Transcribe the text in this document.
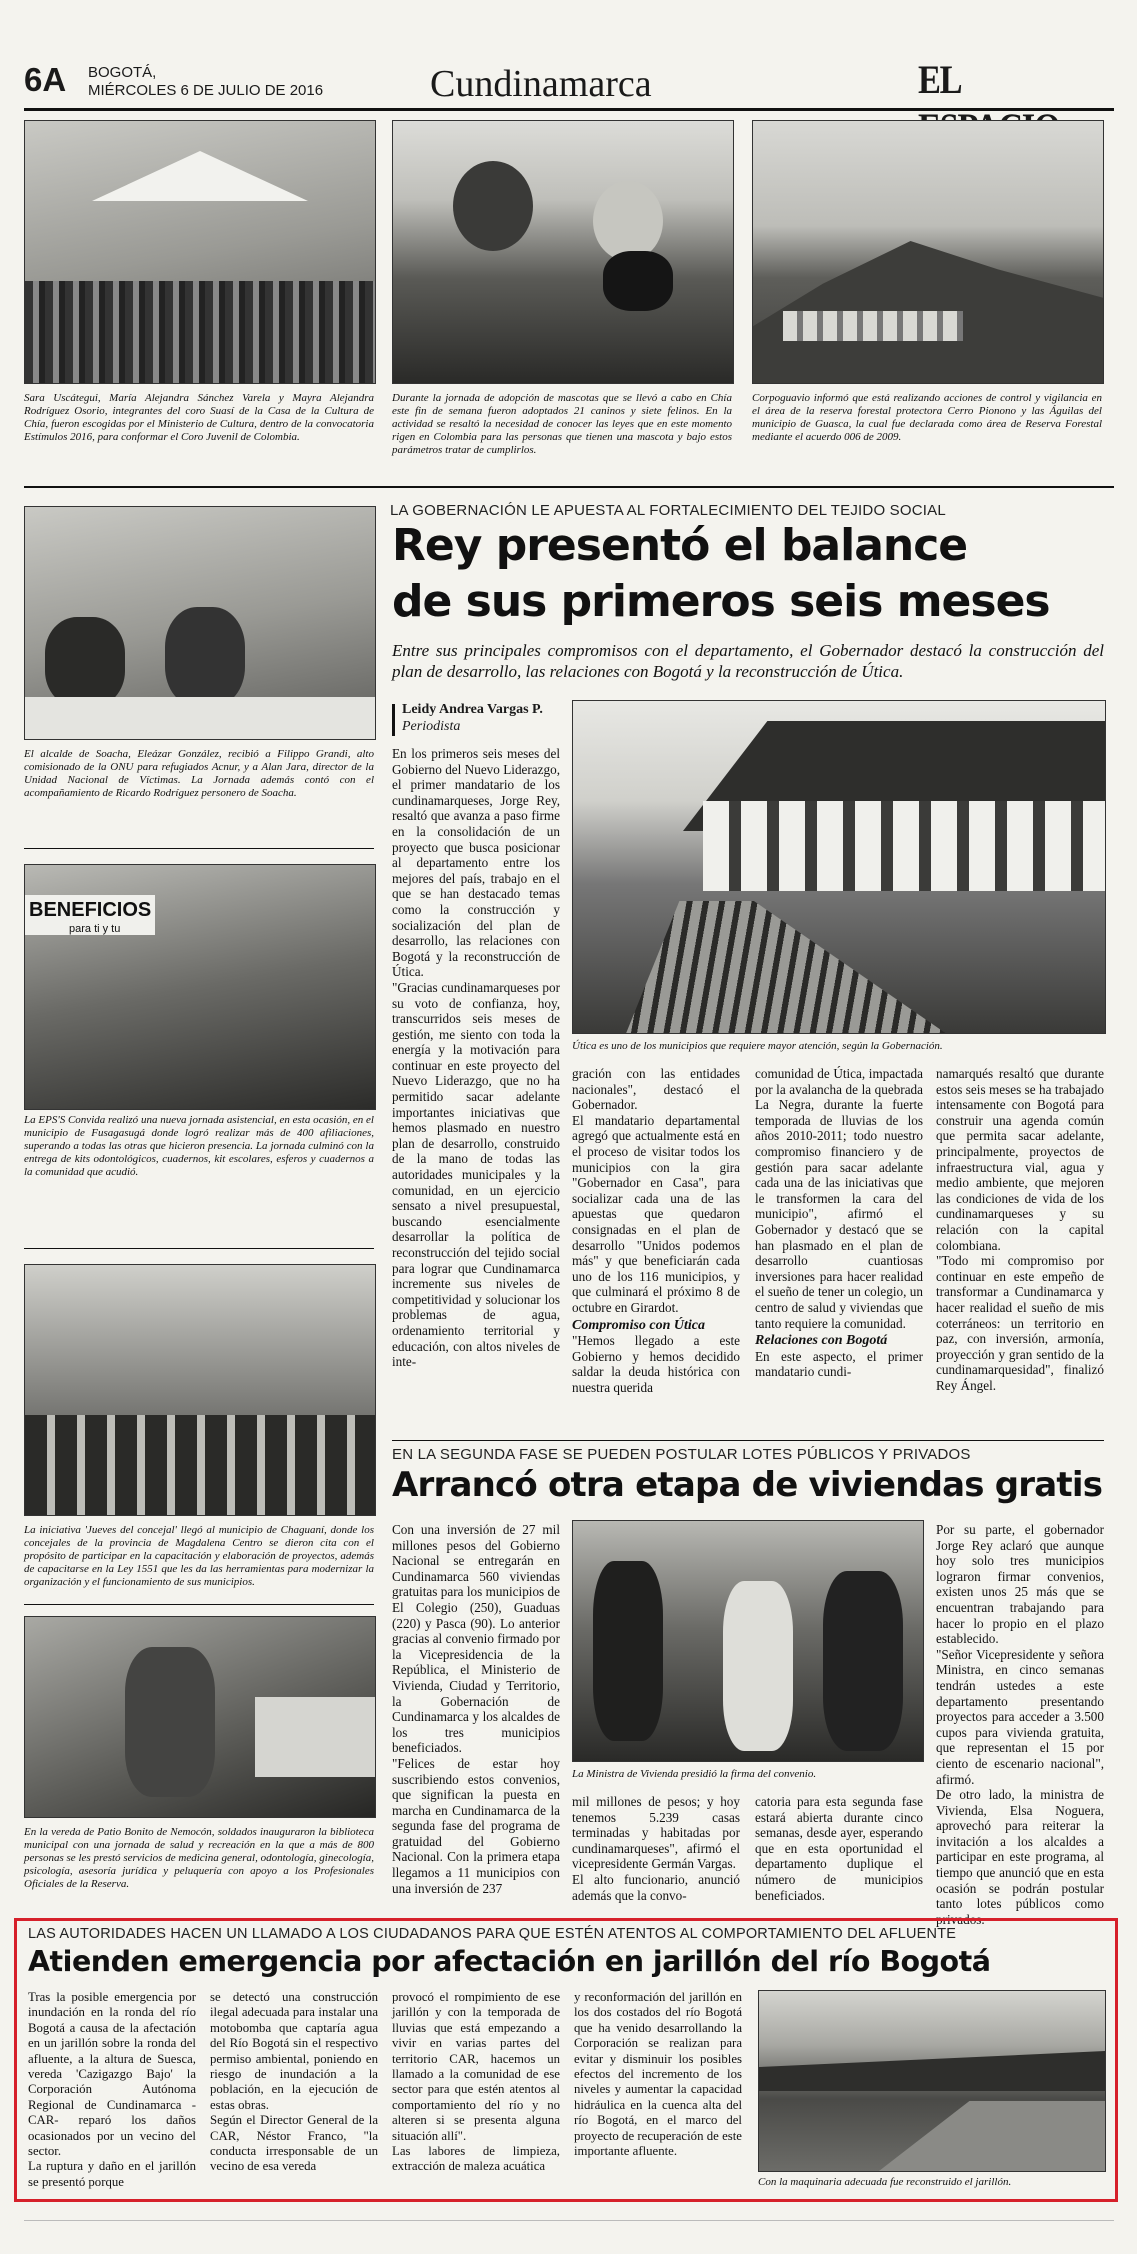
6A BOGOTÁ,
MIÉRCOLES 6 DE JULIO DE 2016	Cundinamarca	EL
Sara Uscátegui, María Alejandra Sánchez Varela y Mayra Alejandra Rodríguez Osorio, integrantes del coro Suasí de la Casa de la Cultura de Chía, fueron escogidas por el Ministerio de Cultura, dentro de la convocatoria Estímulos 2016, para conformar el Coro Juvenil de Colombia.
Durante la jornada de adopción de mascotas que se llevó a cabo en Chía este fin de semana fueron adoptados 21 caninos y siete felinos. En la actividad se resaltó la necesidad de conocer las leyes que en este momento rigen en Colombia para las personas que tienen una mascota y bajo estos parámetros tratar de cumplirlos.
Corpoguavio informó que está realizando acciones de control y vigilancia en el área de la reserva forestal protectora Cerro Pionono y las Águilas del municipio de Guasca, la cual fue declarada como área de Reserva Forestal mediante el acuerdo 006 de 2009.
El alcalde de Soacha, Eleázar González, recibió a Filippo Grandi, alto comisionado de la ONU para refugiados Acnur, y a Alan Jara, director de la Unidad Nacional de Víctimas. La Jornada además contó con el acompañamiento de Ricardo Rodríguez personero de Soacha.
BENEFICIOS
para ti y tu
La EPS'S Convida realizó una nueva jornada asistencial, en esta ocasión, en el municipio de Fusagasugá donde logró realizar más de 400 afiliaciones, superando a todas las otras que hicieron presencia. La jornada culminó con la entrega de kits odontológicos, cuadernos, kit escolares, esferos y cuadernos a la comunidad que acudió.
La iniciativa 'Jueves del concejal' llegó al municipio de Chaguaní, donde los concejales de la provincia de Magdalena Centro se dieron cita con el propósito de participar en la capacitación y elaboración de proyectos, además de capacitarse en la Ley 1551 que les da las herramientas para modernizar la organización y el funcionamiento de sus municipios.
En la vereda de Patio Bonito de Nemocón, soldados inauguraron la biblioteca municipal con una jornada de salud y recreación en la que a más de 800 personas se les prestó servicios de medicina general, odontología, ginecología, psicología, asesoría jurídica y peluquería con apoyo a los Profesionales Oficiales de la Reserva.
LA GOBERNACIÓN LE APUESTA AL FORTALECIMIENTO DEL TEJIDO SOCIAL
Rey presentó el balance
de sus primeros seis meses
Entre sus principales compromisos con el departamento, el Gobernador destacó la construcción del plan de desarrollo, las relaciones con Bogotá y la reconstrucción de Útica.
Leidy Andrea Vargas P.
Periodista
En los primeros seis meses del Gobierno del Nuevo Liderazgo, el primer mandatario de los cundinamarqueses, Jorge Rey, resaltó que avanza a paso firme en la consolidación de un proyecto que busca posicionar al departamento entre los mejores del país, trabajo en el que se han destacado temas como la construcción y socialización del plan de desarrollo, las relaciones con Bogotá y la reconstrucción de Útica.
"Gracias cundinamarqueses por su voto de confianza, hoy, transcurridos seis meses de gestión, me siento con toda la energía y la motivación para continuar en este proyecto del Nuevo Liderazgo, que no ha permitido sacar adelante importantes iniciativas que hemos plasmado en nuestro plan de desarrollo, construido de la mano de todas las autoridades municipales y la comunidad, en un ejercicio sensato a nivel presupuestal, buscando esencialmente desarrollar la política de reconstrucción del tejido social para lograr que Cundinamarca incremente sus niveles de competitividad y solucionar los problemas de agua, ordenamiento territorial y educación, con altos niveles de inte-
Útica es uno de los municipios que requiere mayor atención, según la Gobernación.

gración con las entidades nacionales", destacó el Gobernador.
El mandatario departamental agregó que actualmente está en el proceso de visitar todos los municipios con la gira "Gobernador en Casa", para socializar cada una de las apuestas que quedaron consignadas en el plan de desarrollo "Unidos podemos más" y que beneficiarán cada uno de los 116 municipios, y que culminará el próximo 8 de octubre en Girardot.

Compromiso con Útica

"Hemos llegado a este Gobierno y hemos decidido saldar la deuda histórica con nuestra querida

comunidad de Útica, impactada por la avalancha de la quebrada La Negra, durante la fuerte temporada de lluvias de los años 2010-2011; todo nuestro compromiso financiero y de gestión para sacar adelante cada una de las iniciativas que le transformen la cara del municipio", afirmó el Gobernador y destacó que se han plasmado en el plan de desarrollo cuantiosas inversiones para hacer realidad el sueño de tener un colegio, un centro de salud y viviendas que tanto requiere la comunidad.

Relaciones con Bogotá

En este aspecto, el primer mandatario cundi-

namarqués resaltó que durante estos seis meses se ha trabajado intensamente con Bogotá para construir una agenda común que permita sacar adelante, principalmente, proyectos de infraestructura vial, agua y medio ambiente, que mejoren las condiciones de vida de los cundinamarqueses y su relación con la capital colombiana.
"Todo mi compromiso por continuar en este empeño de transformar a Cundinamarca y hacer realidad el sueño de mis coterráneos: un territorio en paz, con inversión, armonía, proyección y gran sentido de la cundinamarquesidad", finalizó Rey Ángel.
EN LA SEGUNDA FASE SE PUEDEN POSTULAR LOTES PÚBLICOS Y PRIVADOS
Arrancó otra etapa de viviendas gratis
Con una inversión de 27 mil millones pesos del Gobierno Nacional se entregarán en Cundinamarca 560 viviendas gratuitas para los municipios de El Colegio (250), Guaduas (220) y Pasca (90). Lo anterior gracias al convenio firmado por la Vicepresidencia de la República, el Ministerio de Vivienda, Ciudad y Territorio, la Gobernación de Cundinamarca y los alcaldes de los tres municipios beneficiados.
"Felices de estar hoy suscribiendo estos convenios, que significan la puesta en marcha en Cundinamarca de la segunda fase del programa de gratuidad del Gobierno Nacional. Con la primera etapa llegamos a 11 municipios con una inversión de 237
La Ministra de Vivienda presidió la firma del convenio.
mil millones de pesos; y hoy tenemos 5.239 casas terminadas y habitadas por cundinamarqueses", afirmó el vicepresidente Germán Vargas.
El alto funcionario, anunció además que la convo-
catoria para esta segunda fase estará abierta durante cinco semanas, desde ayer, esperando que en esta oportunidad el departamento duplique el número de municipios beneficiados.
Por su parte, el gobernador Jorge Rey aclaró que aunque hoy solo tres municipios lograron firmar convenios, existen unos 25 más que se encuentran trabajando para hacer lo propio en el plazo establecido.
"Señor Vicepresidente y señora Ministra, en cinco semanas tendrán ustedes a este departamento presentando proyectos para acceder a 3.500 cupos para vivienda gratuita, que representan el 15 por ciento de escenario nacional", afirmó.
De otro lado, la ministra de Vivienda, Elsa Noguera, aprovechó para reiterar la invitación a los alcaldes a participar en este programa, al tiempo que anunció que en esta ocasión se podrán postular tanto lotes públicos como privados.
LAS AUTORIDADES HACEN UN LLAMADO A LOS CIUDADANOS PARA QUE ESTÉN ATENTOS AL COMPORTAMIENTO DEL AFLUENTE
Atienden emergencia por afectación en jarillón del río Bogotá
Tras la posible emergencia por inundación en la ronda del río Bogotá a causa de la afectación en un jarillón sobre la ronda del afluente, a la altura de Suesca, vereda 'Cazigazgo Bajo' la Corporación Autónoma Regional de Cundinamarca -CAR- reparó los daños ocasionados por un vecino del sector.
La ruptura y daño en el jarillón se presentó porque
se detectó una construcción ilegal adecuada para instalar una motobomba que captaría agua del Río Bogotá sin el respectivo permiso ambiental, poniendo en riesgo de inundación a la población, en la ejecución de estas obras.
Según el Director General de la CAR, Néstor Franco, "la conducta irresponsable de un vecino de esa vereda
provocó el rompimiento de ese jarillón y con la temporada de lluvias que está empezando a vivir en varias partes del territorio CAR, hacemos un llamado a la comunidad de ese sector para que estén atentos al comportamiento del río y no alteren si se presenta alguna situación allí".
Las labores de limpieza, extracción de maleza acuática
y reconformación del jarillón en los dos costados del río Bogotá que ha venido desarrollando la Corporación se realizan para evitar y disminuir los posibles efectos del incremento de los niveles y aumentar la capacidad hidráulica en la cuenca alta del río Bogotá, en el marco del proyecto de recuperación de este importante afluente.
Con la maquinaria adecuada fue reconstruido el jarillón.
